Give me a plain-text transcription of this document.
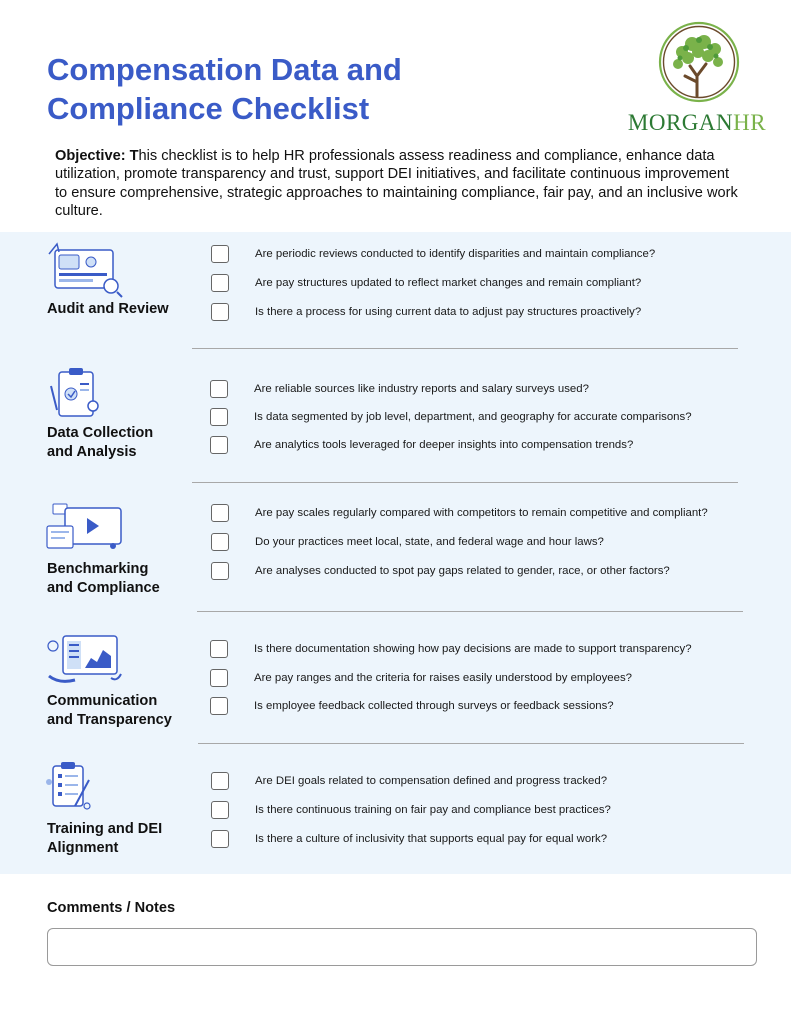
Compensation Data and
Compliance Checklist	MORGANHR

Objective: This checklist is to help HR professionals assess readiness and compliance, enhance data utilization, promote transparency and trust, support DEI initiatives, and facilitate continuous improvement to ensure comprehensive, strategic approaches to maintaining compliance, fair pay, and an inclusive work culture.

Audit and Review
Are periodic reviews conducted to identify disparities and maintain compliance?
Are pay structures updated to reflect market changes and remain compliant?
Is there a process for using current data to adjust pay structures proactively?
Data Collection
and Analysis
Are reliable sources like industry reports and salary surveys used?
Is data segmented by job level, department, and geography for accurate comparisons?
Are analytics tools leveraged for deeper insights into compensation trends?
Benchmarking
and Compliance
Are pay scales regularly compared with competitors to remain competitive and compliant?
Do your practices meet local, state, and federal wage and hour laws?
Are analyses conducted to spot pay gaps related to gender, race, or other factors?
Communication
and Transparency
Is there documentation showing how pay decisions are made to support transparency?
Are pay ranges and the criteria for raises easily understood by employees?
Is employee feedback collected through surveys or feedback sessions?
Training and DEI
Alignment
Are DEI goals related to compensation defined and progress tracked?
Is there continuous training on fair pay and compliance best practices?
Is there a culture of inclusivity that supports equal pay for equal work?
Comments / Notes
